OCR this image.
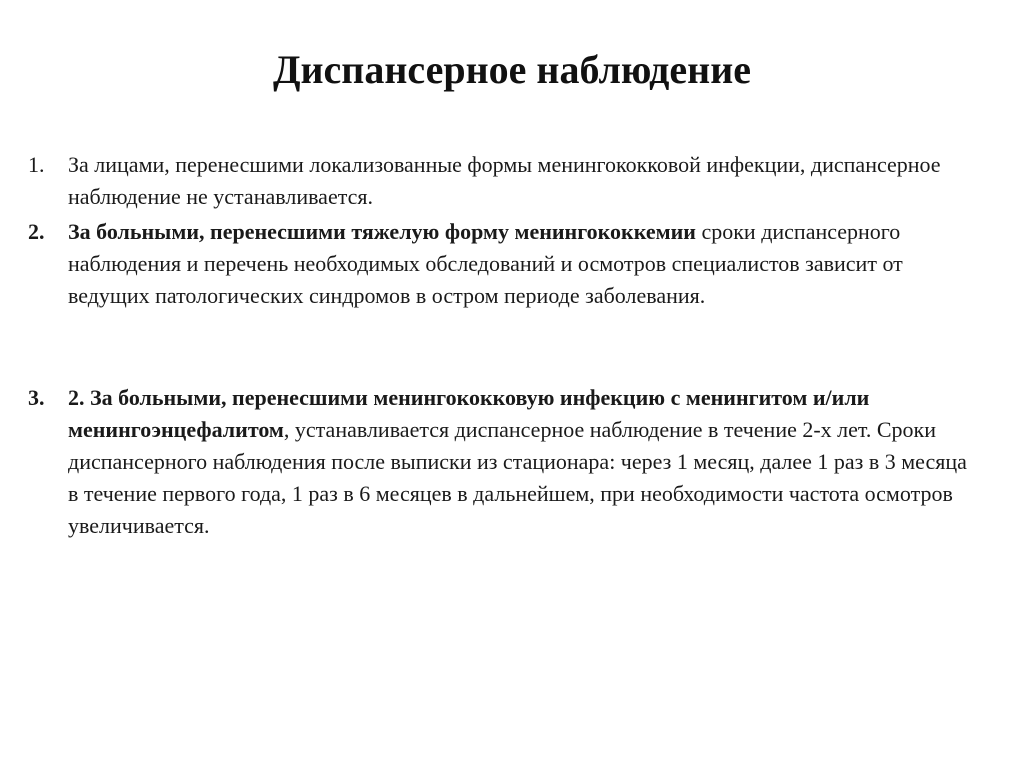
Диспансерное наблюдение
1.	За лицами, перенесшими локализованные формы менингококковой инфекции, диспансерное наблюдение не устанавливается.
2.	За больными, перенесшими тяжелую форму менингококкемии сроки диспансерного наблюдения и перечень необходимых обследований и осмотров специалистов зависит от ведущих патологических синдромов в остром периоде заболевания.
3.	2. За больными, перенесшими менингококковую инфекцию с менингитом и/или менингоэнцефалитом, устанавливается диспансерное наблюдение в течение 2-х лет. Сроки диспансерного наблюдения после выписки из стационара: через 1 месяц, далее 1 раз в 3 месяца в течение первого года, 1 раз в 6 месяцев в дальнейшем, при необходимости частота осмотров увеличивается.
